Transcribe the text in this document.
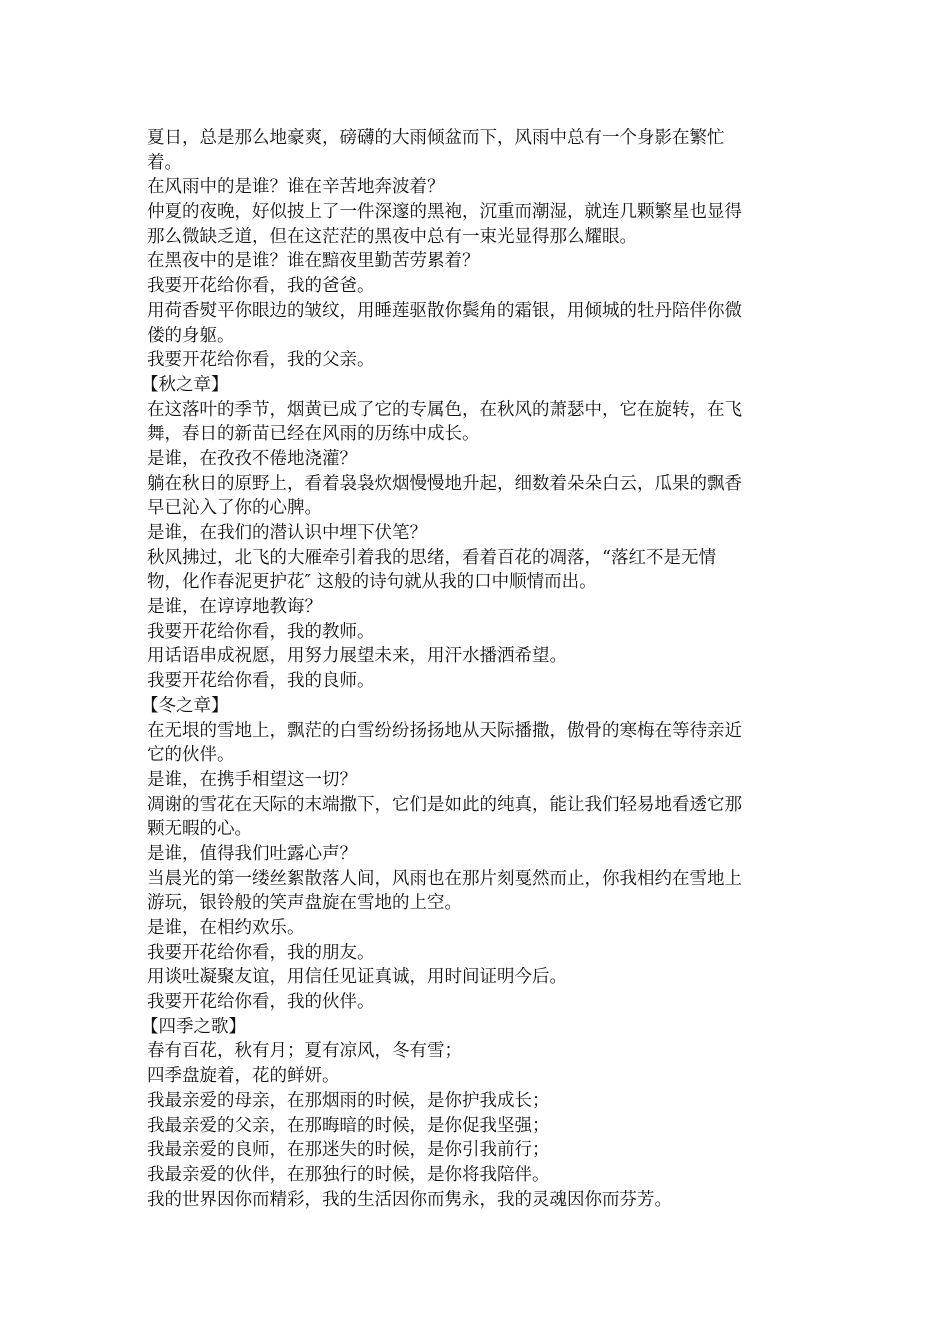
夏日，总是那么地豪爽，磅礴的大雨倾盆而下，风雨中总有一个身影在繁忙
着。
在风雨中的是谁？谁在辛苦地奔波着？
仲夏的夜晚，好似披上了一件深邃的黑袍，沉重而潮湿，就连几颗繁星也显得
那么微缺乏道，但在这茫茫的黑夜中总有一束光显得那么耀眼。
在黑夜中的是谁？谁在黯夜里勤苦劳累着？
我要开花给你看，我的爸爸。
用荷香熨平你眼边的皱纹，用睡莲驱散你鬓角的霜银，用倾城的牡丹陪伴你微
偻的身躯。
我要开花给你看，我的父亲。
【秋之章】
在这落叶的季节，烟黄已成了它的专属色，在秋风的萧瑟中，它在旋转，在飞
舞，春日的新苗已经在风雨的历练中成长。
是谁，在孜孜不倦地浇灌？
躺在秋日的原野上，看着袅袅炊烟慢慢地升起，细数着朵朵白云，瓜果的飘香
早已沁入了你的心脾。
是谁，在我们的潜认识中埋下伏笔？
秋风拂过，北飞的大雁牵引着我的思绪，看着百花的凋落，“落红不是无情
物，化作春泥更护花″ 这般的诗句就从我的口中顺情而出。
是谁，在谆谆地教诲？
我要开花给你看，我的教师。
用话语串成祝愿，用努力展望未来，用汗水播洒希望。
我要开花给你看，我的良师。
【冬之章】
在无垠的雪地上，飘茫的白雪纷纷扬扬地从天际播撒，傲骨的寒梅在等待亲近
它的伙伴。
是谁，在携手相望这一切？
凋谢的雪花在天际的末端撒下，它们是如此的纯真，能让我们轻易地看透它那
颗无暇的心。
是谁，值得我们吐露心声？
当晨光的第一缕丝絮散落人间，风雨也在那片刻戛然而止，你我相约在雪地上
游玩，银铃般的笑声盘旋在雪地的上空。
是谁，在相约欢乐。
我要开花给你看，我的朋友。
用谈吐凝聚友谊，用信任见证真诚，用时间证明今后。
我要开花给你看，我的伙伴。
【四季之歌】
春有百花，秋有月；夏有凉风，冬有雪；
四季盘旋着，花的鲜妍。
我最亲爱的母亲，在那烟雨的时候，是你护我成长；
我最亲爱的父亲，在那晦暗的时候，是你促我坚强；
我最亲爱的良师，在那迷失的时候，是你引我前行；
我最亲爱的伙伴，在那独行的时候，是你将我陪伴。
我的世界因你而精彩，我的生活因你而隽永，我的灵魂因你而芬芳。
